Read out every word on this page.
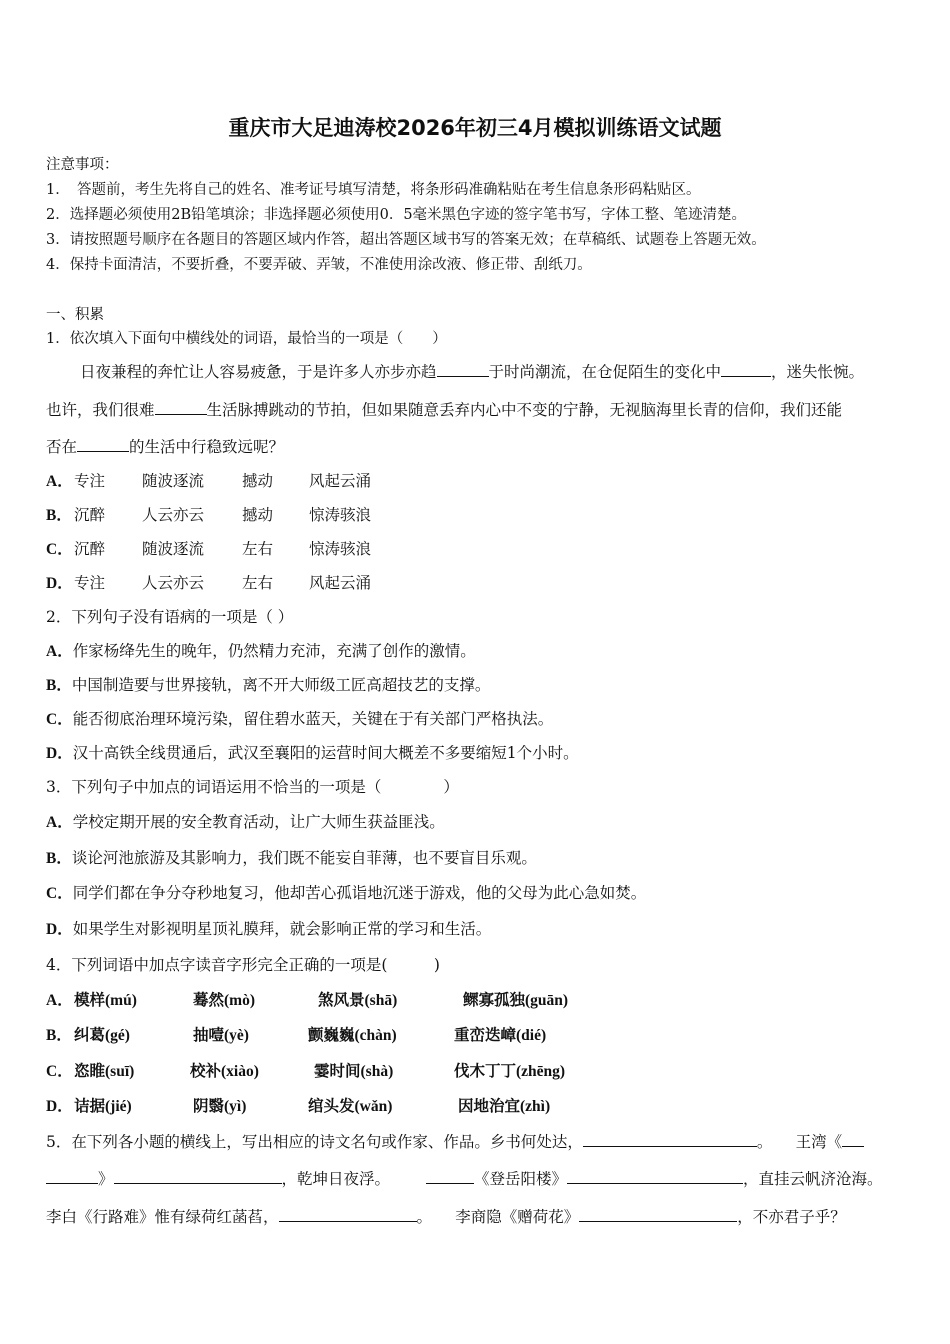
重庆市大足迪涛校2026年初三4月模拟训练语文试题
注意事项：
1．　答题前，考生先将自己的姓名、准考证号填写清楚，将条形码准确粘贴在考生信息条形码粘贴区。
2．选择题必须使用2B铅笔填涂；非选择题必须使用0．5毫米黑色字迹的签字笔书写，字体工整、笔迹清楚。
3．请按照题号顺序在各题目的答题区域内作答，超出答题区域书写的答案无效；在草稿纸、试题卷上答题无效。
4．保持卡面清洁，不要折叠，不要弄破、弄皱，不准使用涂改液、修正带、刮纸刀。
一、积累
1．依次填入下面句中横线处的词语，最恰当的一项是（　　）
日夜兼程的奔忙让人容易疲惫，于是许多人亦步亦趋	于时尚潮流，在仓促陌生的变化中	，迷失怅惋。
也许，我们很难	生活脉搏跳动的节拍，但如果随意丢弃内心中不变的宁静，无视脑海里长青的信仰，我们还能
否在	的生活中行稳致远呢？
A． 专注 随波逐流 撼动 风起云涌
B． 沉醉 人云亦云 撼动 惊涛骇浪
C． 沉醉 随波逐流 左右 惊涛骇浪
D． 专注 人云亦云 左右 风起云涌
2．下列句子没有语病的一项是（ ）
A．作家杨绛先生的晚年，仍然精力充沛，充满了创作的激情。
B．中国制造要与世界接轨，离不开大师级工匠高超技艺的支撑。
C．能否彻底治理环境污染，留住碧水蓝天，关键在于有关部门严格执法。
D．汉十高铁全线贯通后，武汉至襄阳的运营时间大概差不多要缩短1个小时。
3．下列句子中加点的词语运用不恰当的一项是（　　　　）
A．学校定期开展的安全教育活动，让广大师生获益匪浅。
B．谈论河池旅游及其影响力，我们既不能妄自菲薄，也不要盲目乐观。
C．同学们都在争分夺秒地复习，他却苦心孤诣地沉迷于游戏，他的父母为此心急如焚。
D．如果学生对影视明星顶礼膜拜，就会影响正常的学习和生活。
4．下列词语中加点字读音字形完全正确的一项是(　　　)
A． 模样(mú)	蓦然(mò)	煞风景(shā)	鳏寡孤独(guān)
B． 纠葛(gé)	抽噎(yè)	颤巍巍(chàn)	重峦迭嶂(dié)
C． 恣睢(suī)	校补(xiào)	霎时间(shà)	伐木丁丁(zhēng)
D． 诘据(jié)	阴翳(yì)	绾头发(wǎn)	因地治宜(zhì)
5．在下列各小题的横线上，写出相应的诗文名句或作家、作品。乡书何处达，	。　　王湾《
》	，乾坤日夜浮。	《登岳阳楼》	，直挂云帆济沧海。
李白《行路难》惟有绿荷红菡萏，	。　　李商隐《赠荷花》	，不亦君子乎？
